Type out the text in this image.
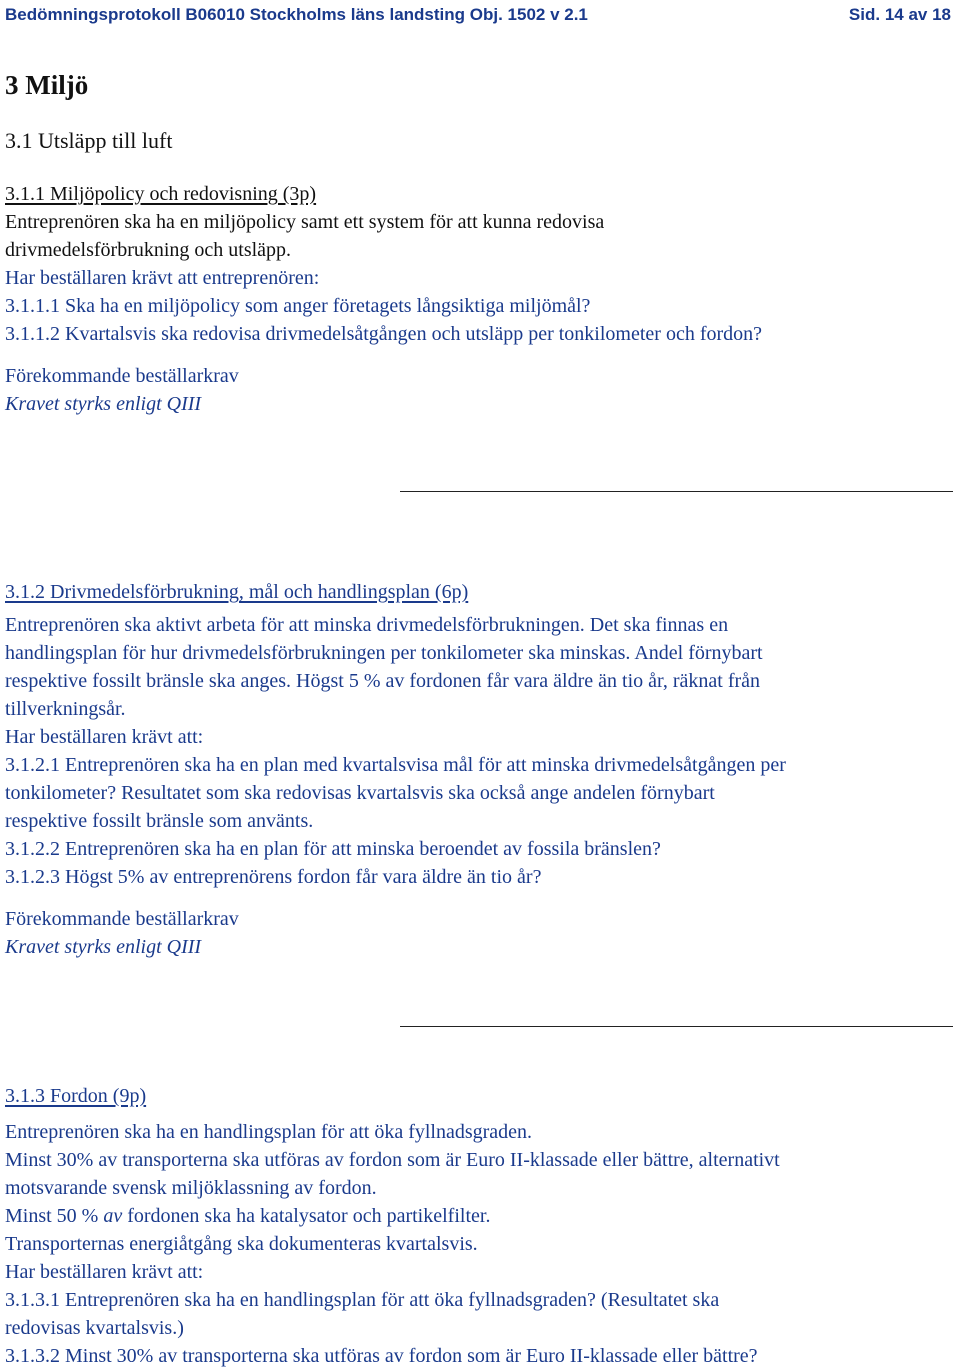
Bedömningsprotokoll B06010 Stockholms läns landsting Obj. 1502 v 2.1	Sid. 14 av 18
3 Miljö
3.1 Utsläpp till luft

3.1.1 Miljöpolicy och redovisning (3p)

Entreprenören ska ha en miljöpolicy samt ett system för att kunna redovisa

drivmedelsförbrukning och utsläpp.

Har beställaren krävt att entreprenören:

3.1.1.1 Ska ha en miljöpolicy som anger företagets långsiktiga miljömål?

3.1.1.2 Kvartalsvis ska redovisa drivmedelsåtgången och utsläpp per tonkilometer och fordon?

Förekommande beställarkrav

Kravet styrks enligt QIII

3.1.2 Drivmedelsförbrukning, mål och handlingsplan (6p)

Entreprenören ska aktivt arbeta för att minska drivmedelsförbrukningen. Det ska finnas en

handlingsplan för hur drivmedelsförbrukningen per tonkilometer ska minskas. Andel förnybart

respektive fossilt bränsle ska anges. Högst 5 % av fordonen får vara äldre än tio år, räknat från

tillverkningsår.

Har beställaren krävt att:

3.1.2.1 Entreprenören ska ha en plan med kvartalsvisa mål för att minska drivmedelsåtgången per

tonkilometer? Resultatet som ska redovisas kvartalsvis ska också ange andelen förnybart

respektive fossilt bränsle som använts.

3.1.2.2 Entreprenören ska ha en plan för att minska beroendet av fossila bränslen?

3.1.2.3 Högst 5% av entreprenörens fordon får vara äldre än tio år?

Förekommande beställarkrav

Kravet styrks enligt QIII

3.1.3 Fordon (9p)

Entreprenören ska ha en handlingsplan för att öka fyllnadsgraden.

Minst 30% av transporterna ska utföras av fordon som är Euro II-klassade eller bättre, alternativt

motsvarande svensk miljöklassning av fordon.

Minst 50 % av fordonen ska ha katalysator och partikelfilter.

Transporternas energiåtgång ska dokumenteras kvartalsvis.

Har beställaren krävt att:

3.1.3.1 Entreprenören ska ha en handlingsplan för att öka fyllnadsgraden? (Resultatet ska

redovisas kvartalsvis.)

3.1.3.2 Minst 30% av transporterna ska utföras av fordon som är Euro II-klassade eller bättre?
